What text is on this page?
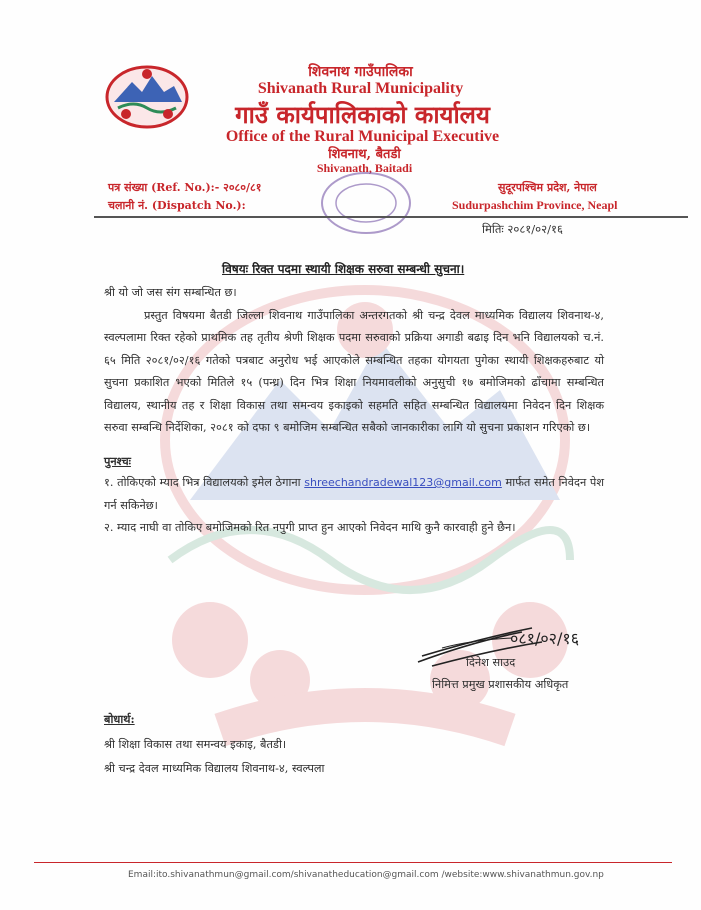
शिवनाथ गाउँपालिका
Shivanath Rural Municipality
गाउँ कार्यपालिकाको कार्यालय
Office of the Rural Municipal Executive
शिवनाथ, बैतडी
Shivanath, Baitadi
पत्र संख्या (Ref. No.):- २०८०/८१
चलानी नं. (Dispatch No.):
सुदूरपश्चिम प्रदेश, नेपाल
Sudurpashchim Province, Neapl
मितिः २०८१/०२/१६
विषयः रिक्त पदमा स्थायी शिक्षक सरुवा सम्बन्धी सुचना।
श्री यो जो जस संग सम्बन्धित छ।
प्रस्तुत विषयमा बैतडी जिल्ला शिवनाथ गाउँपालिका अन्तरगतको श्री चन्द्र देवल माध्यमिक विद्यालय शिवनाथ-४, स्वल्पलामा रिक्त रहेको प्राथमिक तह तृतीय श्रेणी शिक्षक पदमा सरुवाको प्रक्रिया अगाडी बढाइ दिन भनि विद्यालयको च.नं. ६५ मिति २०८१/०२/१६ गतेको पत्रबाट अनुरोध भई आएकोले सम्बन्धित तहका योगयता पुगेका स्थायी शिक्षकहरुबाट यो सुचना प्रकाशित भएको मितिले १५ (पन्ध्र) दिन भित्र शिक्षा नियमावलीको अनुसुची १७ बमोजिमको ढाँचामा सम्बन्धित विद्यालय, स्थानीय तह र शिक्षा विकास तथा समन्वय इकाइको सहमति सहित सम्बन्धित विद्यालयमा निवेदन दिन शिक्षक सरुवा सम्बन्धि निर्देशिका, २०८१ को दफा ९ बमोजिम सम्बन्धित सबैको जानकारीका लागि यो सुचना प्रकाशन गरिएको छ।
पुनश्चः
१. तोकिएको म्याद भित्र विद्यालयको इमेल ठेगाना shreechandradewal123@gmail.com मार्फत समेत निवेदन पेश गर्न सकिनेछ।
२. म्याद नाघी वा तोकिए बमोजिमको रित नपुगी प्राप्त हुन आएको निवेदन माथि कुनै कारवाही हुने छैन।
०८१/०२/१६
दिनेश साउद
निमित्त प्रमुख प्रशासकीय अधिकृत
बोधार्थ:
श्री शिक्षा विकास तथा समन्वय इकाइ, बैतडी।
श्री चन्द्र देवल माध्यमिक विद्यालय शिवनाथ-४, स्वल्पला
Email:ito.shivanathmun@gmail.com/shivanatheducation@gmail.com /website:www.shivanathmun.gov.np
